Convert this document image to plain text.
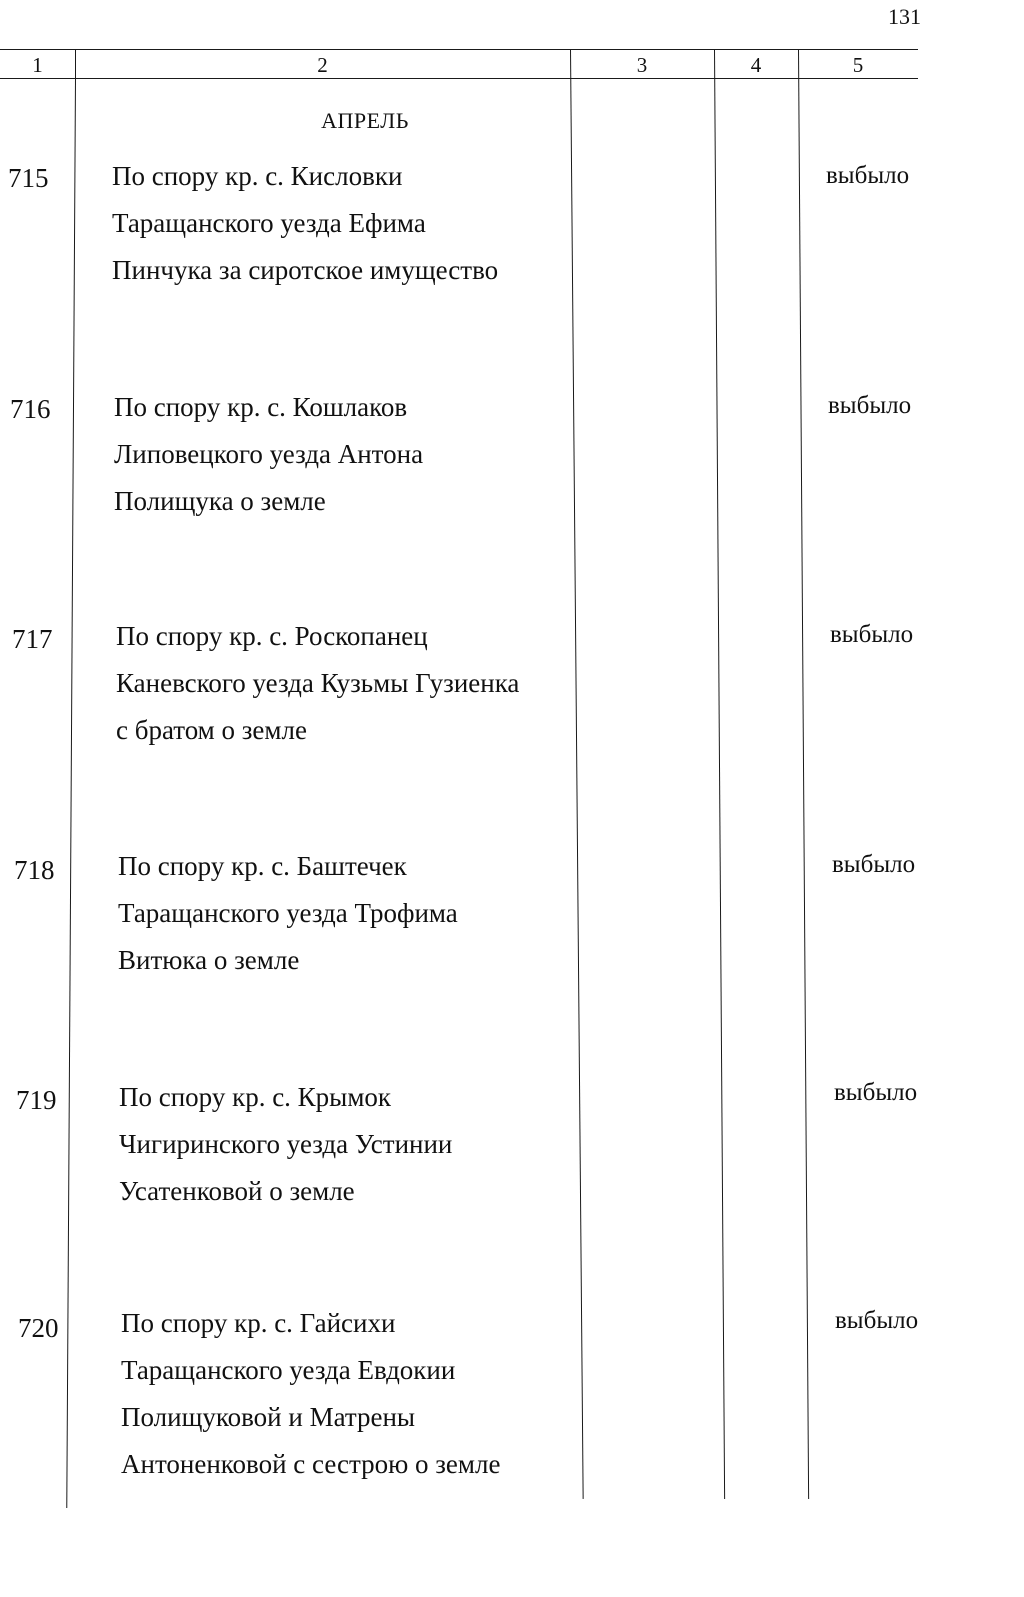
131
1	2	3	4	5
АПРЕЛЬ
715 По спору кр. с. Кисловки
Таращанского уезда Ефима
Пинчука за сиротское имущество
выбыло
716 По спору кр. с. Кошлаков
Липовецкого уезда Антона
Полищука о земле
выбыло
717 По спору кр. с. Роскопанец
Каневского уезда Кузьмы Гузиенка
с братом о земле
выбыло
718 По спору кр. с. Баштечек
Таращанского уезда Трофима
Витюка о земле
выбыло
719 По спору кр. с. Крымок
Чигиринского уезда Устинии
Усатенковой о земле
выбыло
720 По спору кр. с. Гайсихи
Таращанского уезда Евдокии
Полищуковой и Матрены
Антоненковой с сестрою о земле
выбыло
